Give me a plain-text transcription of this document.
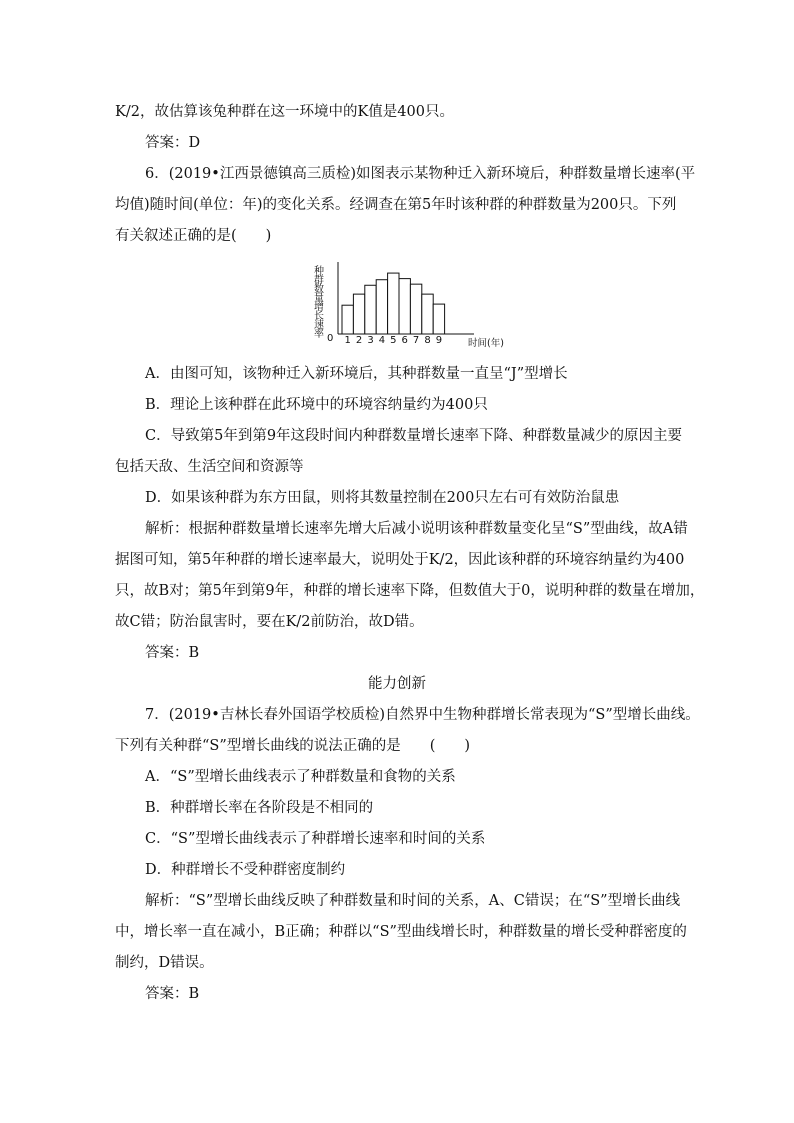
K/2，故估算该兔种群在这一环境中的K值是400只。
答案：D
6．(2019•江西景德镇高三质检)如图表示某物种迁入新环境后，种群数量增长速率(平
均值)随时间(单位：年)的变化关系。经调查在第5年时该种群的种群数量为200只。下列
有关叙述正确的是(　　)
0
种群数量增长速率
时间(年)
1 2 3 4 5 6 7 8 9
A．由图可知，该物种迁入新环境后，其种群数量一直呈“J”型增长
B．理论上该种群在此环境中的环境容纳量约为400只
C．导致第5年到第9年这段时间内种群数量增长速率下降、种群数量减少的原因主要
包括天敌、生活空间和资源等
D．如果该种群为东方田鼠，则将其数量控制在200只左右可有效防治鼠患
解析：根据种群数量增长速率先增大后减小说明该种群数量变化呈“S”型曲线，故A错
据图可知，第5年种群的增长速率最大，说明处于K/2，因此该种群的环境容纳量约为400
只，故B对；第5年到第9年，种群的增长速率下降，但数值大于0，说明种群的数量在增加，
故C错；防治鼠害时，要在K/2前防治，故D错。
答案：B
能力创新
7．(2019•吉林长春外国语学校质检)自然界中生物种群增长常表现为“S”型增长曲线。
下列有关种群“S”型增长曲线的说法正确的是　　(　　)
A．“S”型增长曲线表示了种群数量和食物的关系
B．种群增长率在各阶段是不相同的
C．“S”型增长曲线表示了种群增长速率和时间的关系
D．种群增长不受种群密度制约
解析：“S”型增长曲线反映了种群数量和时间的关系，A、C错误；在“S”型增长曲线
中，增长率一直在减小，B正确；种群以“S”型曲线增长时，种群数量的增长受种群密度的
制约，D错误。
答案：B
